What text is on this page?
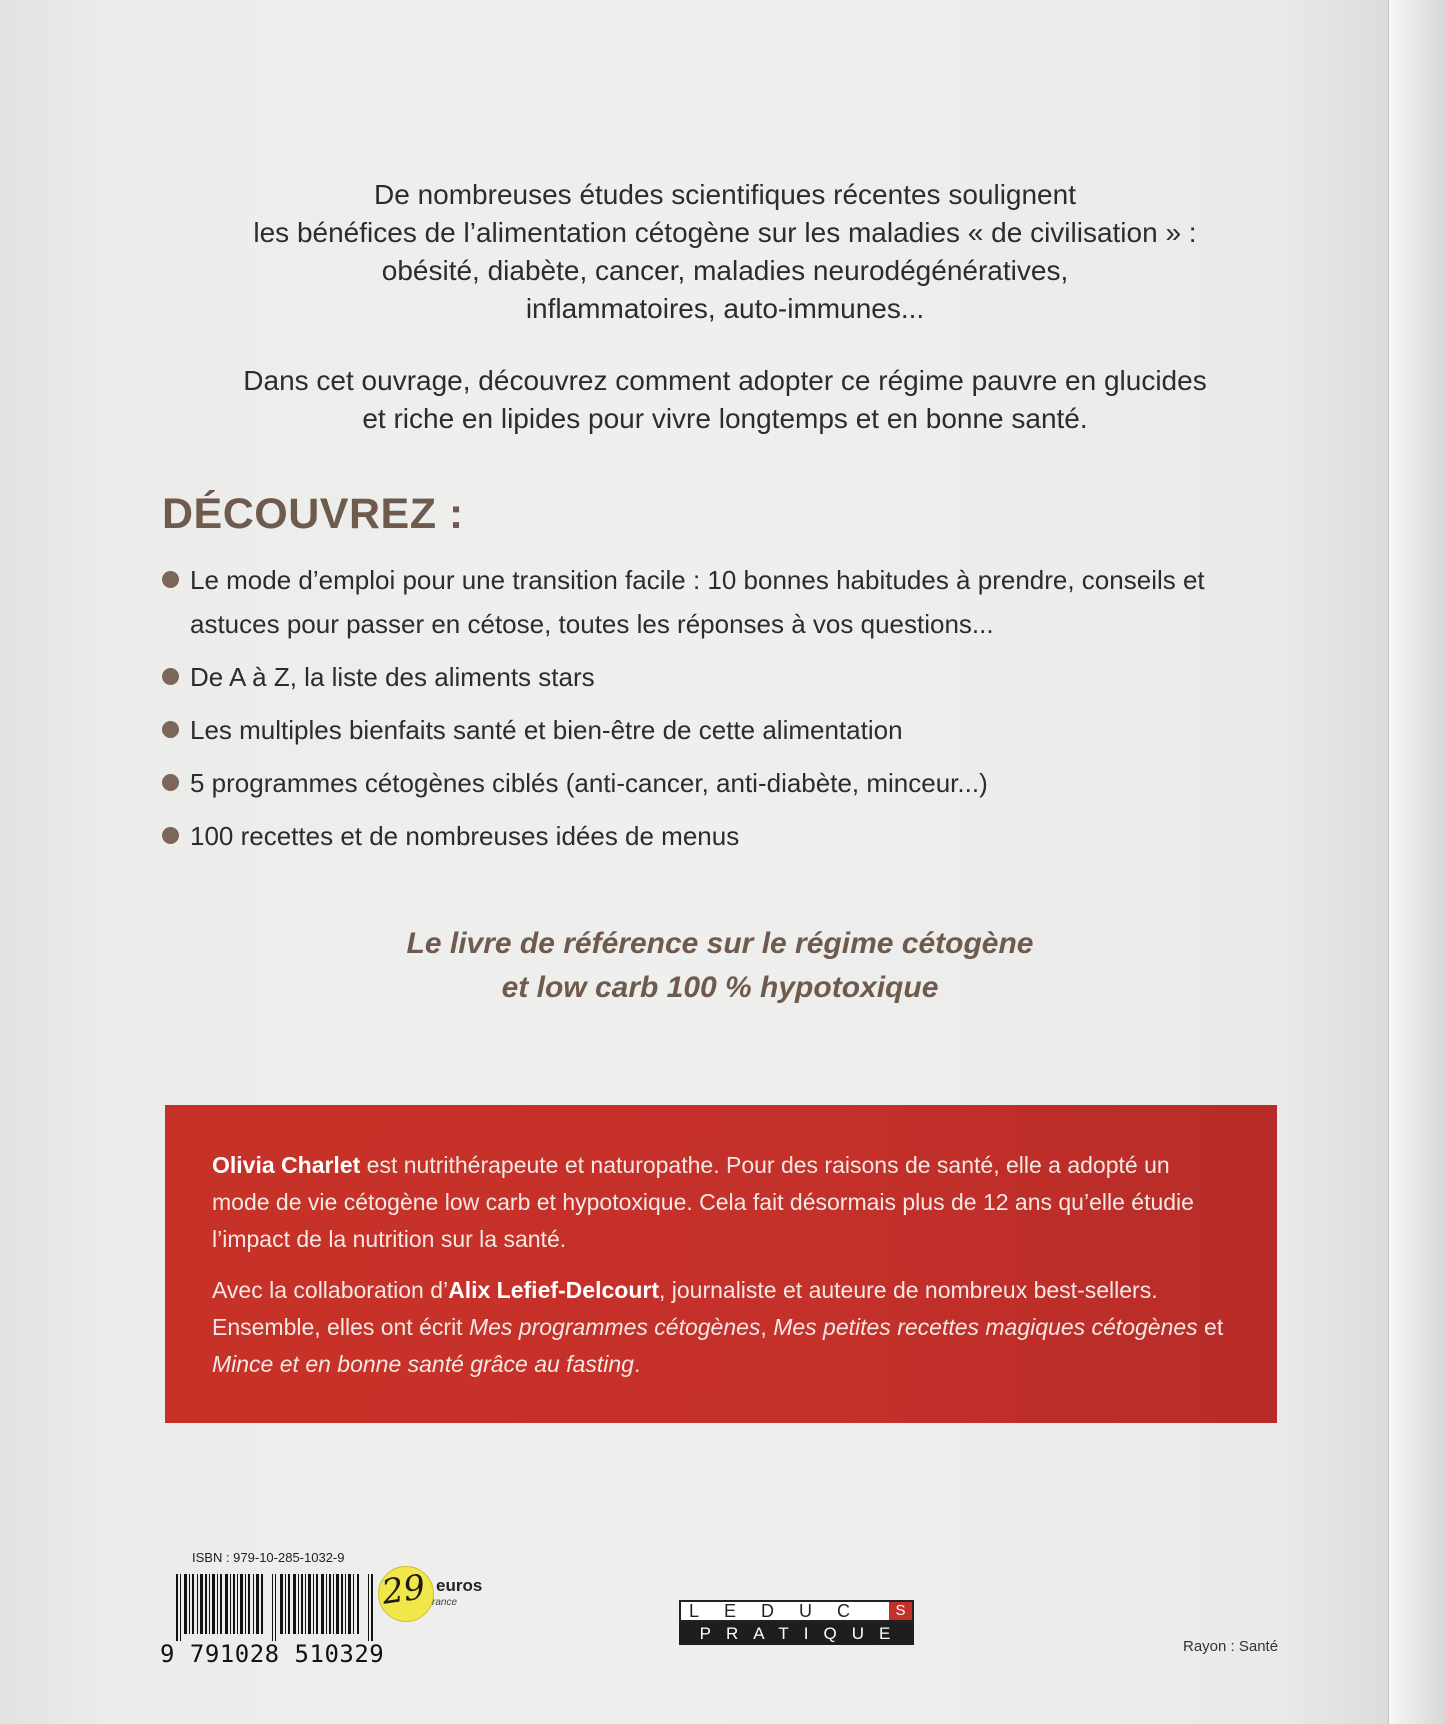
De nombreuses études scientifiques récentes soulignent
les bénéfices de l’alimentation cétogène sur les maladies « de civilisation » :
obésité, diabète, cancer, maladies neurodégénératives,
inflammatoires, auto-immunes...

Dans cet ouvrage, découvrez comment adopter ce régime pauvre en glucides
et riche en lipides pour vivre longtemps et en bonne santé.

DÉCOUVREZ :
Le mode d’emploi pour une transition facile : 10 bonnes habitudes à prendre, conseils et astuces pour passer en cétose, toutes les réponses à vos questions...
De A à Z, la liste des aliments stars
Les multiples bienfaits santé et bien-être de cette alimentation
5 programmes cétogènes ciblés (anti-cancer, anti-diabète, minceur...)
100 recettes et de nombreuses idées de menus
Le livre de référence sur le régime cétogène
et low carb 100 % hypotoxique

Olivia Charlet est nutrithérapeute et naturopathe. Pour des raisons de santé, elle a adopté un mode de vie cétogène low carb et hypotoxique. Cela fait désormais plus de 12 ans qu’elle étudie l’impact de la nutrition sur la santé.

Avec la collaboration d’Alix Lefief-Delcourt, journaliste et auteure de nombreux best-sellers. Ensemble, elles ont écrit Mes programmes cétogènes, Mes petites recettes magiques cétogènes et Mince et en bonne santé grâce au fasting.

ISBN : 979-10-285-1032-9
9 791028 510329
29 euros
rance	LEDUC	S
PRATIQUE
Rayon : Santé
